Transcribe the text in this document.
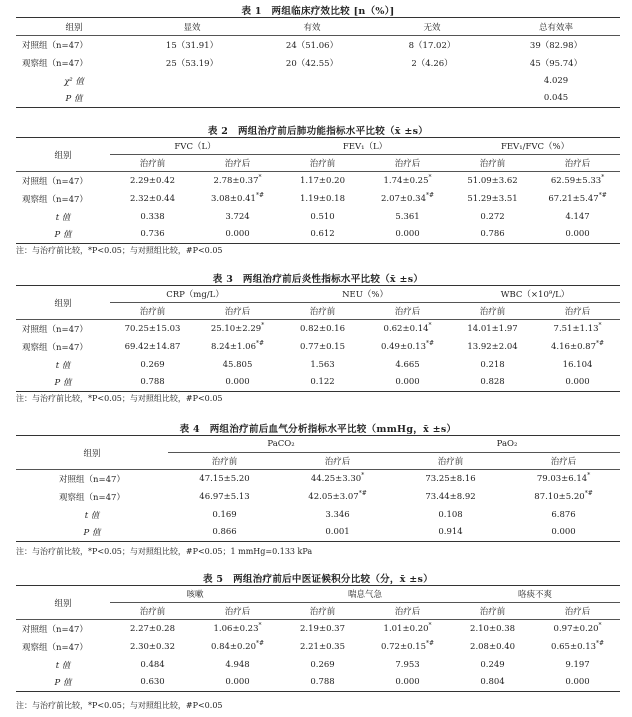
表 1　两组临床疗效比较 [n（%）]
组别	显效	有效	无效	总有效率
对照组（n=47）	15（31.91）	24（51.06）	8（17.02）	39（82.98）
观察组（n=47）	25（53.19）	20（42.55）	2（4.26）	45（95.74）
χ² 值				4.029
P 值				0.045
表 2　两组治疗前后肺功能指标水平比较（x̄ ±s）
组别	FVC（L）		FEV₁（L）		FEV₁/FVC（%）	
	治疗前	治疗后	治疗前	治疗后	治疗前	治疗后
对照组（n=47）	2.29±0.42	2.78±0.37*	1.17±0.20	1.74±0.25*	51.09±3.62	62.59±5.33*
观察组（n=47）	2.32±0.44	3.08±0.41*#	1.19±0.18	2.07±0.34*#	51.29±3.51	67.21±5.47*#
t 值	0.338	3.724	0.510	5.361	0.272	4.147
P 值	0.736	0.000	0.612	0.000	0.786	0.000
注：与治疗前比较，*P<0.05；与对照组比较，#P<0.05
表 3　两组治疗前后炎性指标水平比较（x̄ ±s）
组别	CRP（mg/L）		NEU（%）		WBC（×10⁹/L）	
	治疗前	治疗后	治疗前	治疗后	治疗前	治疗后
对照组（n=47）	70.25±15.03	25.10±2.29*	0.82±0.16	0.62±0.14*	14.01±1.97	7.51±1.13*
观察组（n=47）	69.42±14.87	8.24±1.06*#	0.77±0.15	0.49±0.13*#	13.92±2.04	4.16±0.87*#
t 值	0.269	45.805	1.563	4.665	0.218	16.104
P 值	0.788	0.000	0.122	0.000	0.828	0.000
注：与治疗前比较，*P<0.05；与对照组比较，#P<0.05
表 4　两组治疗前后血气分析指标水平比较（mmHg，x̄ ±s）
组别	PaCO₂		PaO₂	
	治疗前	治疗后	治疗前	治疗后
对照组（n=47）	47.15±5.20	44.25±3.30*	73.25±8.16	79.03±6.14*
观察组（n=47）	46.97±5.13	42.05±3.07*#	73.44±8.92	87.10±5.20*#
t 值	0.169	3.346	0.108	6.876
P 值	0.866	0.001	0.914	0.000
注：与治疗前比较，*P<0.05；与对照组比较，#P<0.05；1 mmHg=0.133 kPa
表 5　两组治疗前后中医证候积分比较（分，x̄ ±s）
组别	咳嗽		喘息气急		咯痰不爽	
	治疗前	治疗后	治疗前	治疗后	治疗前	治疗后
对照组（n=47）	2.27±0.28	1.06±0.23*	2.19±0.37	1.01±0.20*	2.10±0.38	0.97±0.20*
观察组（n=47）	2.30±0.32	0.84±0.20*#	2.21±0.35	0.72±0.15*#	2.08±0.40	0.65±0.13*#
t 值	0.484	4.948	0.269	7.953	0.249	9.197
P 值	0.630	0.000	0.788	0.000	0.804	0.000
注：与治疗前比较，*P<0.05；与对照组比较，#P<0.05
